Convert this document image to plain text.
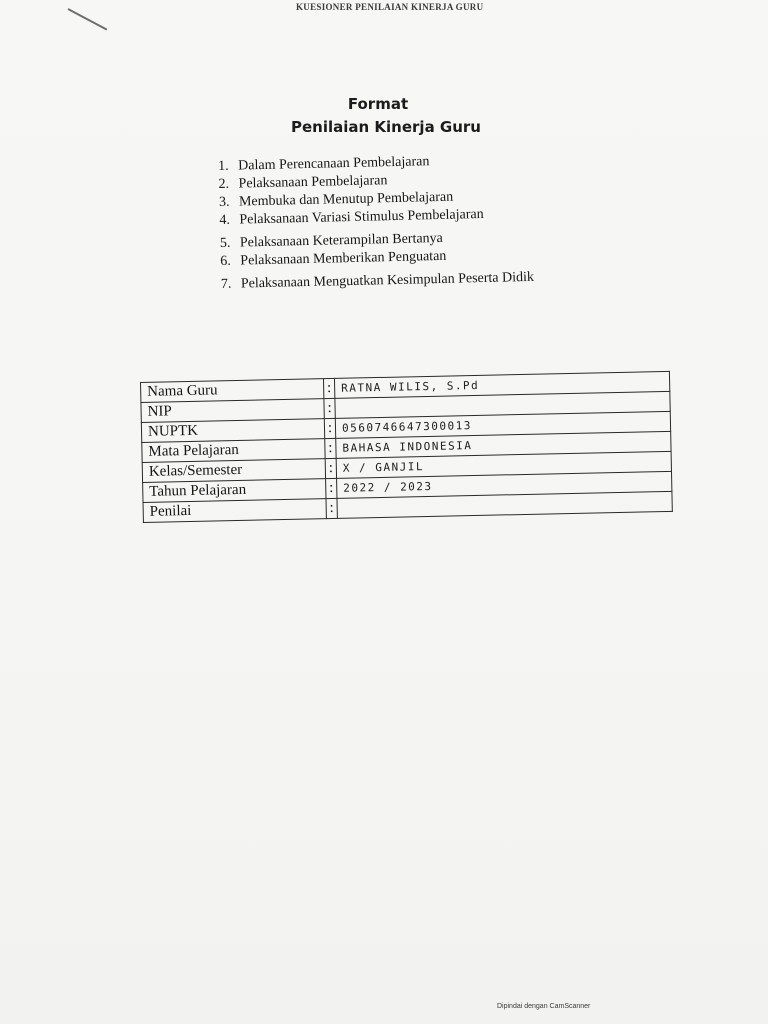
KUESIONER PENILAIAN KINERJA GURU
Format
Penilaian Kinerja Guru
1. Dalam Perencanaan Pembelajaran
2. Pelaksanaan Pembelajaran
3. Membuka dan Menutup Pembelajaran
4. Pelaksanaan Variasi Stimulus Pembelajaran
5. Pelaksanaan Keterampilan Bertanya
6. Pelaksanaan Memberikan Penguatan
7. Pelaksanaan Menguatkan Kesimpulan Peserta Didik
Nama Guru	:	RATNA WILIS, S.Pd
NIP	:	
NUPTK	:	0560746647300013
Mata Pelajaran	:	BAHASA INDONESIA
Kelas/Semester	:	X / GANJIL
Tahun Pelajaran	:	2022 / 2023
Penilai	:	
Dipindai dengan CamScanner
